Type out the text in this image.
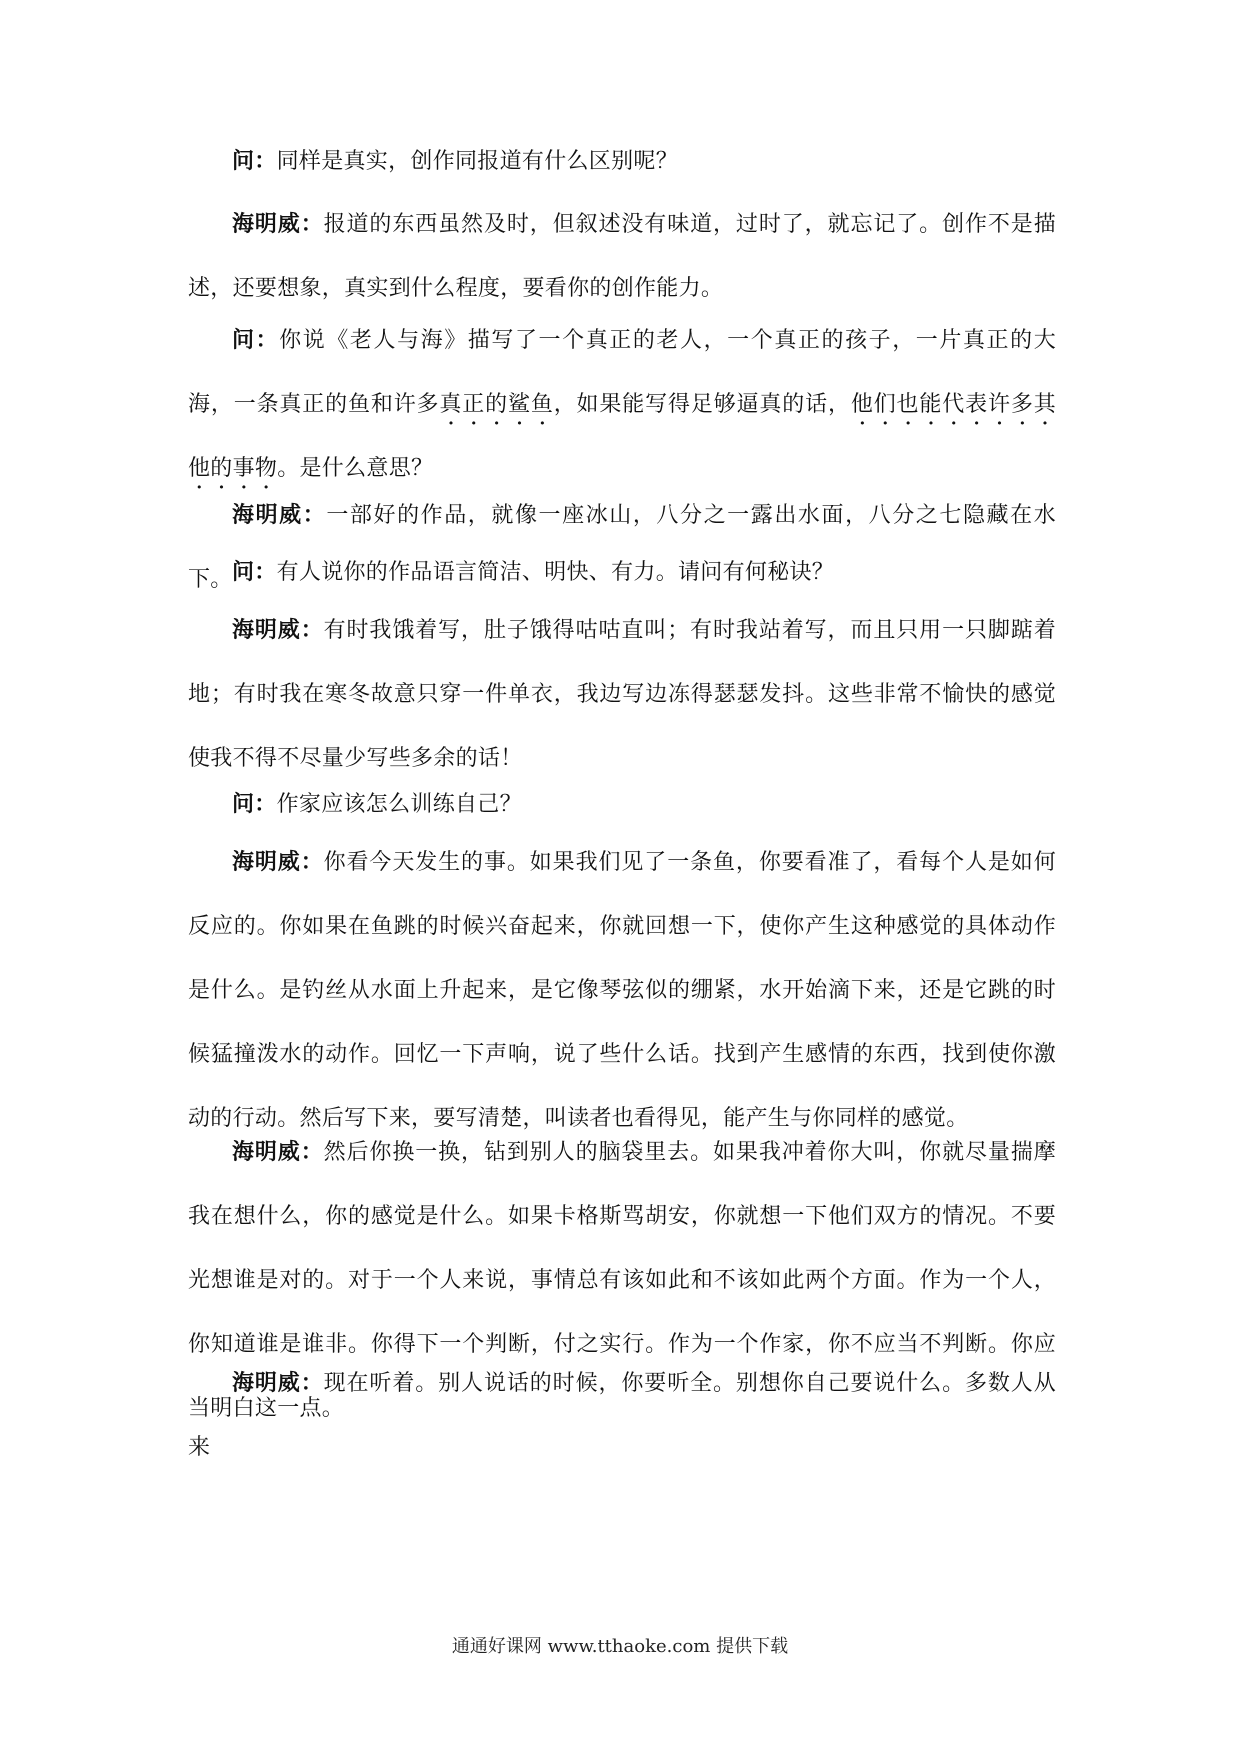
问：同样是真实，创作同报道有什么区别呢？

海明威：报道的东西虽然及时，但叙述没有味道，过时了，就忘记了。创作不是描述，还要想象，真实到什么程度，要看你的创作能力。

问：你说《老人与海》描写了一个真正的老人，一个真正的孩子，一片真正的大海，一条真正的鱼和许多真正的鲨鱼，如果能写得足够逼真的话，他们也能代表许多其他的事物。是什么意思？

海明威：一部好的作品，就像一座冰山，八分之一露出水面，八分之七隐藏在水下。 问：有人说你的作品语言简洁、明快、有力。请问有何秘诀？

海明威：有时我饿着写，肚子饿得咕咕直叫；有时我站着写，而且只用一只脚踮着地；有时我在寒冬故意只穿一件单衣，我边写边冻得瑟瑟发抖。这些非常不愉快的感觉使我不得不尽量少写些多余的话！

问：作家应该怎么训练自己？

海明威：你看今天发生的事。如果我们见了一条鱼，你要看准了，看每个人是如何反应的。你如果在鱼跳的时候兴奋起来，你就回想一下，使你产生这种感觉的具体动作是什么。是钓丝从水面上升起来，是它像琴弦似的绷紧，水开始滴下来，还是它跳的时候猛撞泼水的动作。回忆一下声响，说了些什么话。找到产生感情的东西，找到使你激动的行动。然后写下来，要写清楚，叫读者也看得见，能产生与你同样的感觉。

海明威：然后你换一换，钻到别人的脑袋里去。如果我冲着你大叫，你就尽量揣摩我在想什么，你的感觉是什么。如果卡格斯骂胡安，你就想一下他们双方的情况。不要光想谁是对的。对于一个人来说，事情总有该如此和不该如此两个方面。作为一个人，你知道谁是谁非。你得下一个判断，付之实行。作为一个作家，你不应当不判断。你应当明白这一点。

海明威：现在听着。别人说话的时候，你要听全。别想你自己要说什么。多数人从来

通通好课网 www.tthaoke.com 提供下载
